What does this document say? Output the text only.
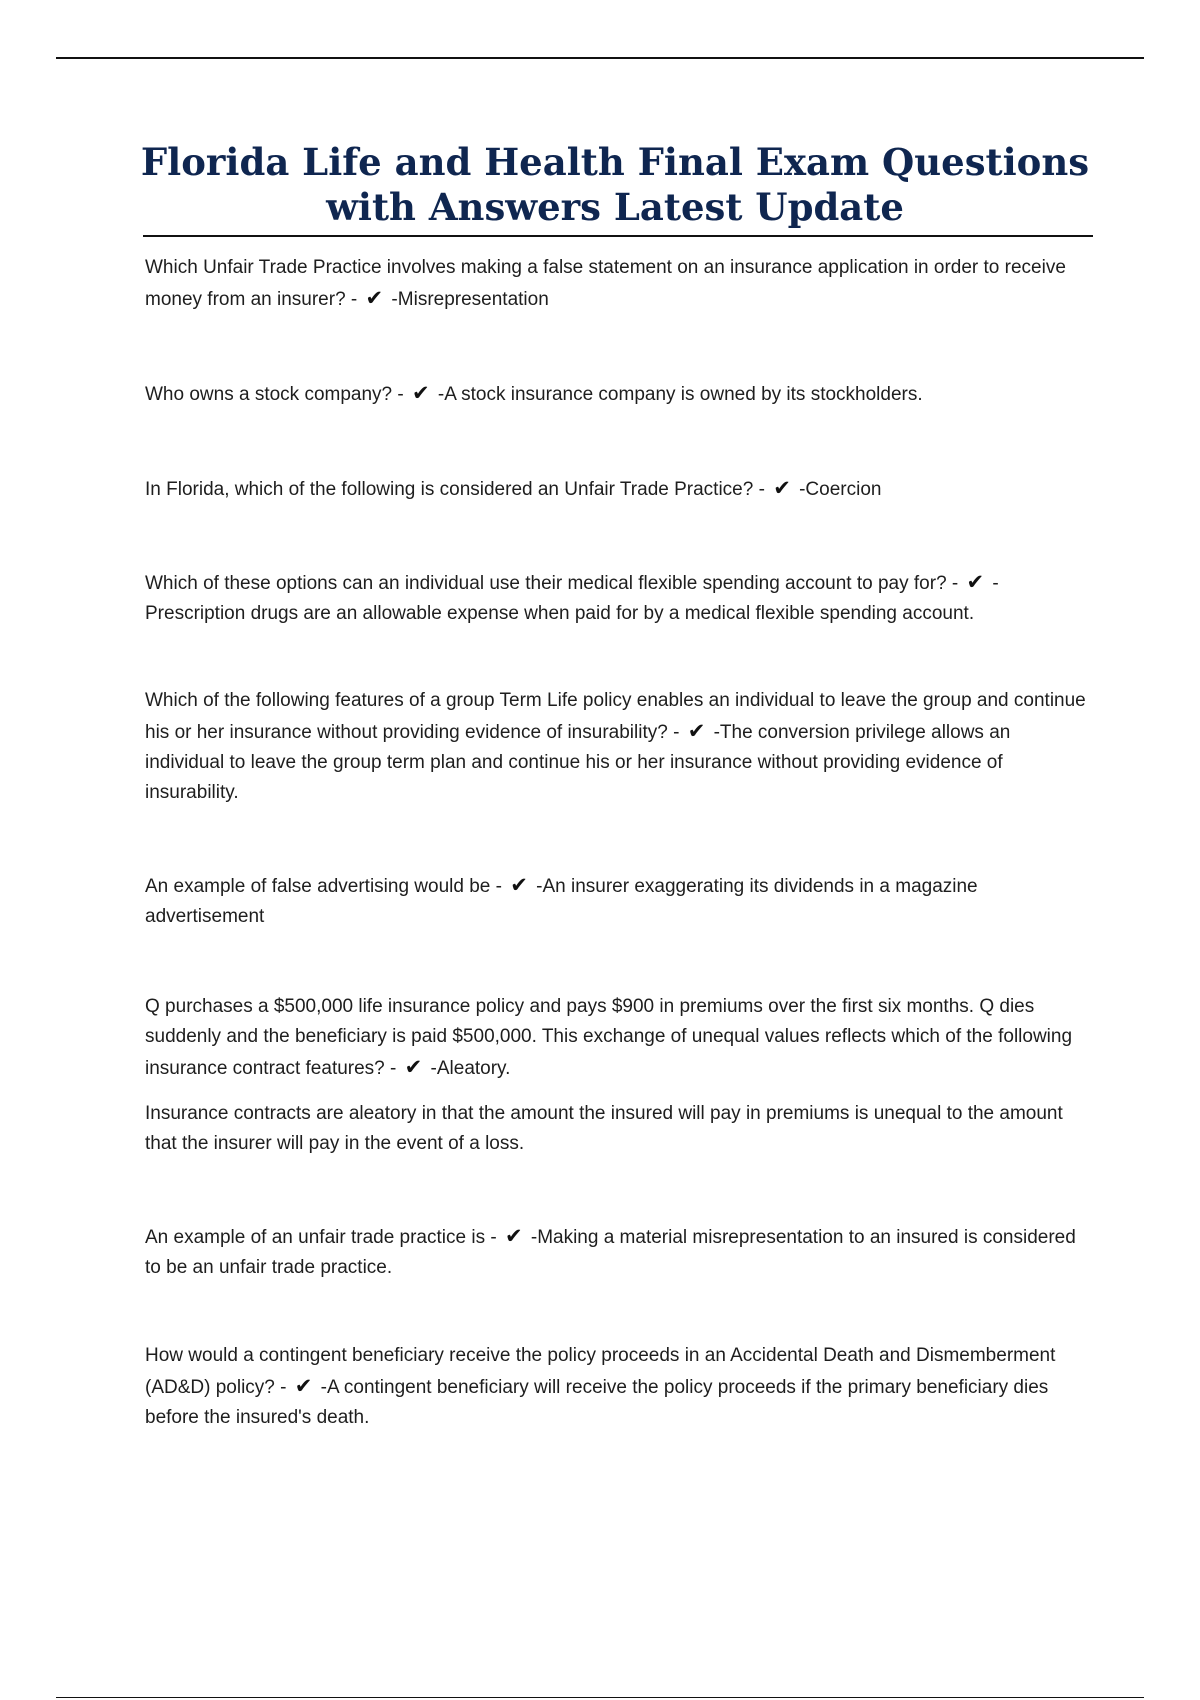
Florida Life and Health Final Exam Questions
with Answers Latest Update

Which Unfair Trade Practice involves making a false statement on an insurance application in order to receive money from an insurer? - ✔ -Misrepresentation

Who owns a stock company? - ✔ -A stock insurance company is owned by its stockholders.

In Florida, which of the following is considered an Unfair Trade Practice? - ✔ -Coercion

Which of these options can an individual use their medical flexible spending account to pay for? - ✔ -Prescription drugs are an allowable expense when paid for by a medical flexible spending account.

Which of the following features of a group Term Life policy enables an individual to leave the group and continue his or her insurance without providing evidence of insurability? - ✔ -The conversion privilege allows an individual to leave the group term plan and continue his or her insurance without providing evidence of insurability.

An example of false advertising would be - ✔ -An insurer exaggerating its dividends in a magazine advertisement

Q purchases a $500,000 life insurance policy and pays $900 in premiums over the first six months. Q dies suddenly and the beneficiary is paid $500,000. This exchange of unequal values reflects which of the following insurance contract features? - ✔ -Aleatory.

Insurance contracts are aleatory in that the amount the insured will pay in premiums is unequal to the amount that the insurer will pay in the event of a loss.

An example of an unfair trade practice is - ✔ -Making a material misrepresentation to an insured is considered to be an unfair trade practice.

How would a contingent beneficiary receive the policy proceeds in an Accidental Death and Dismemberment (AD&D) policy? - ✔ -A contingent beneficiary will receive the policy proceeds if the primary beneficiary dies before the insured's death.
